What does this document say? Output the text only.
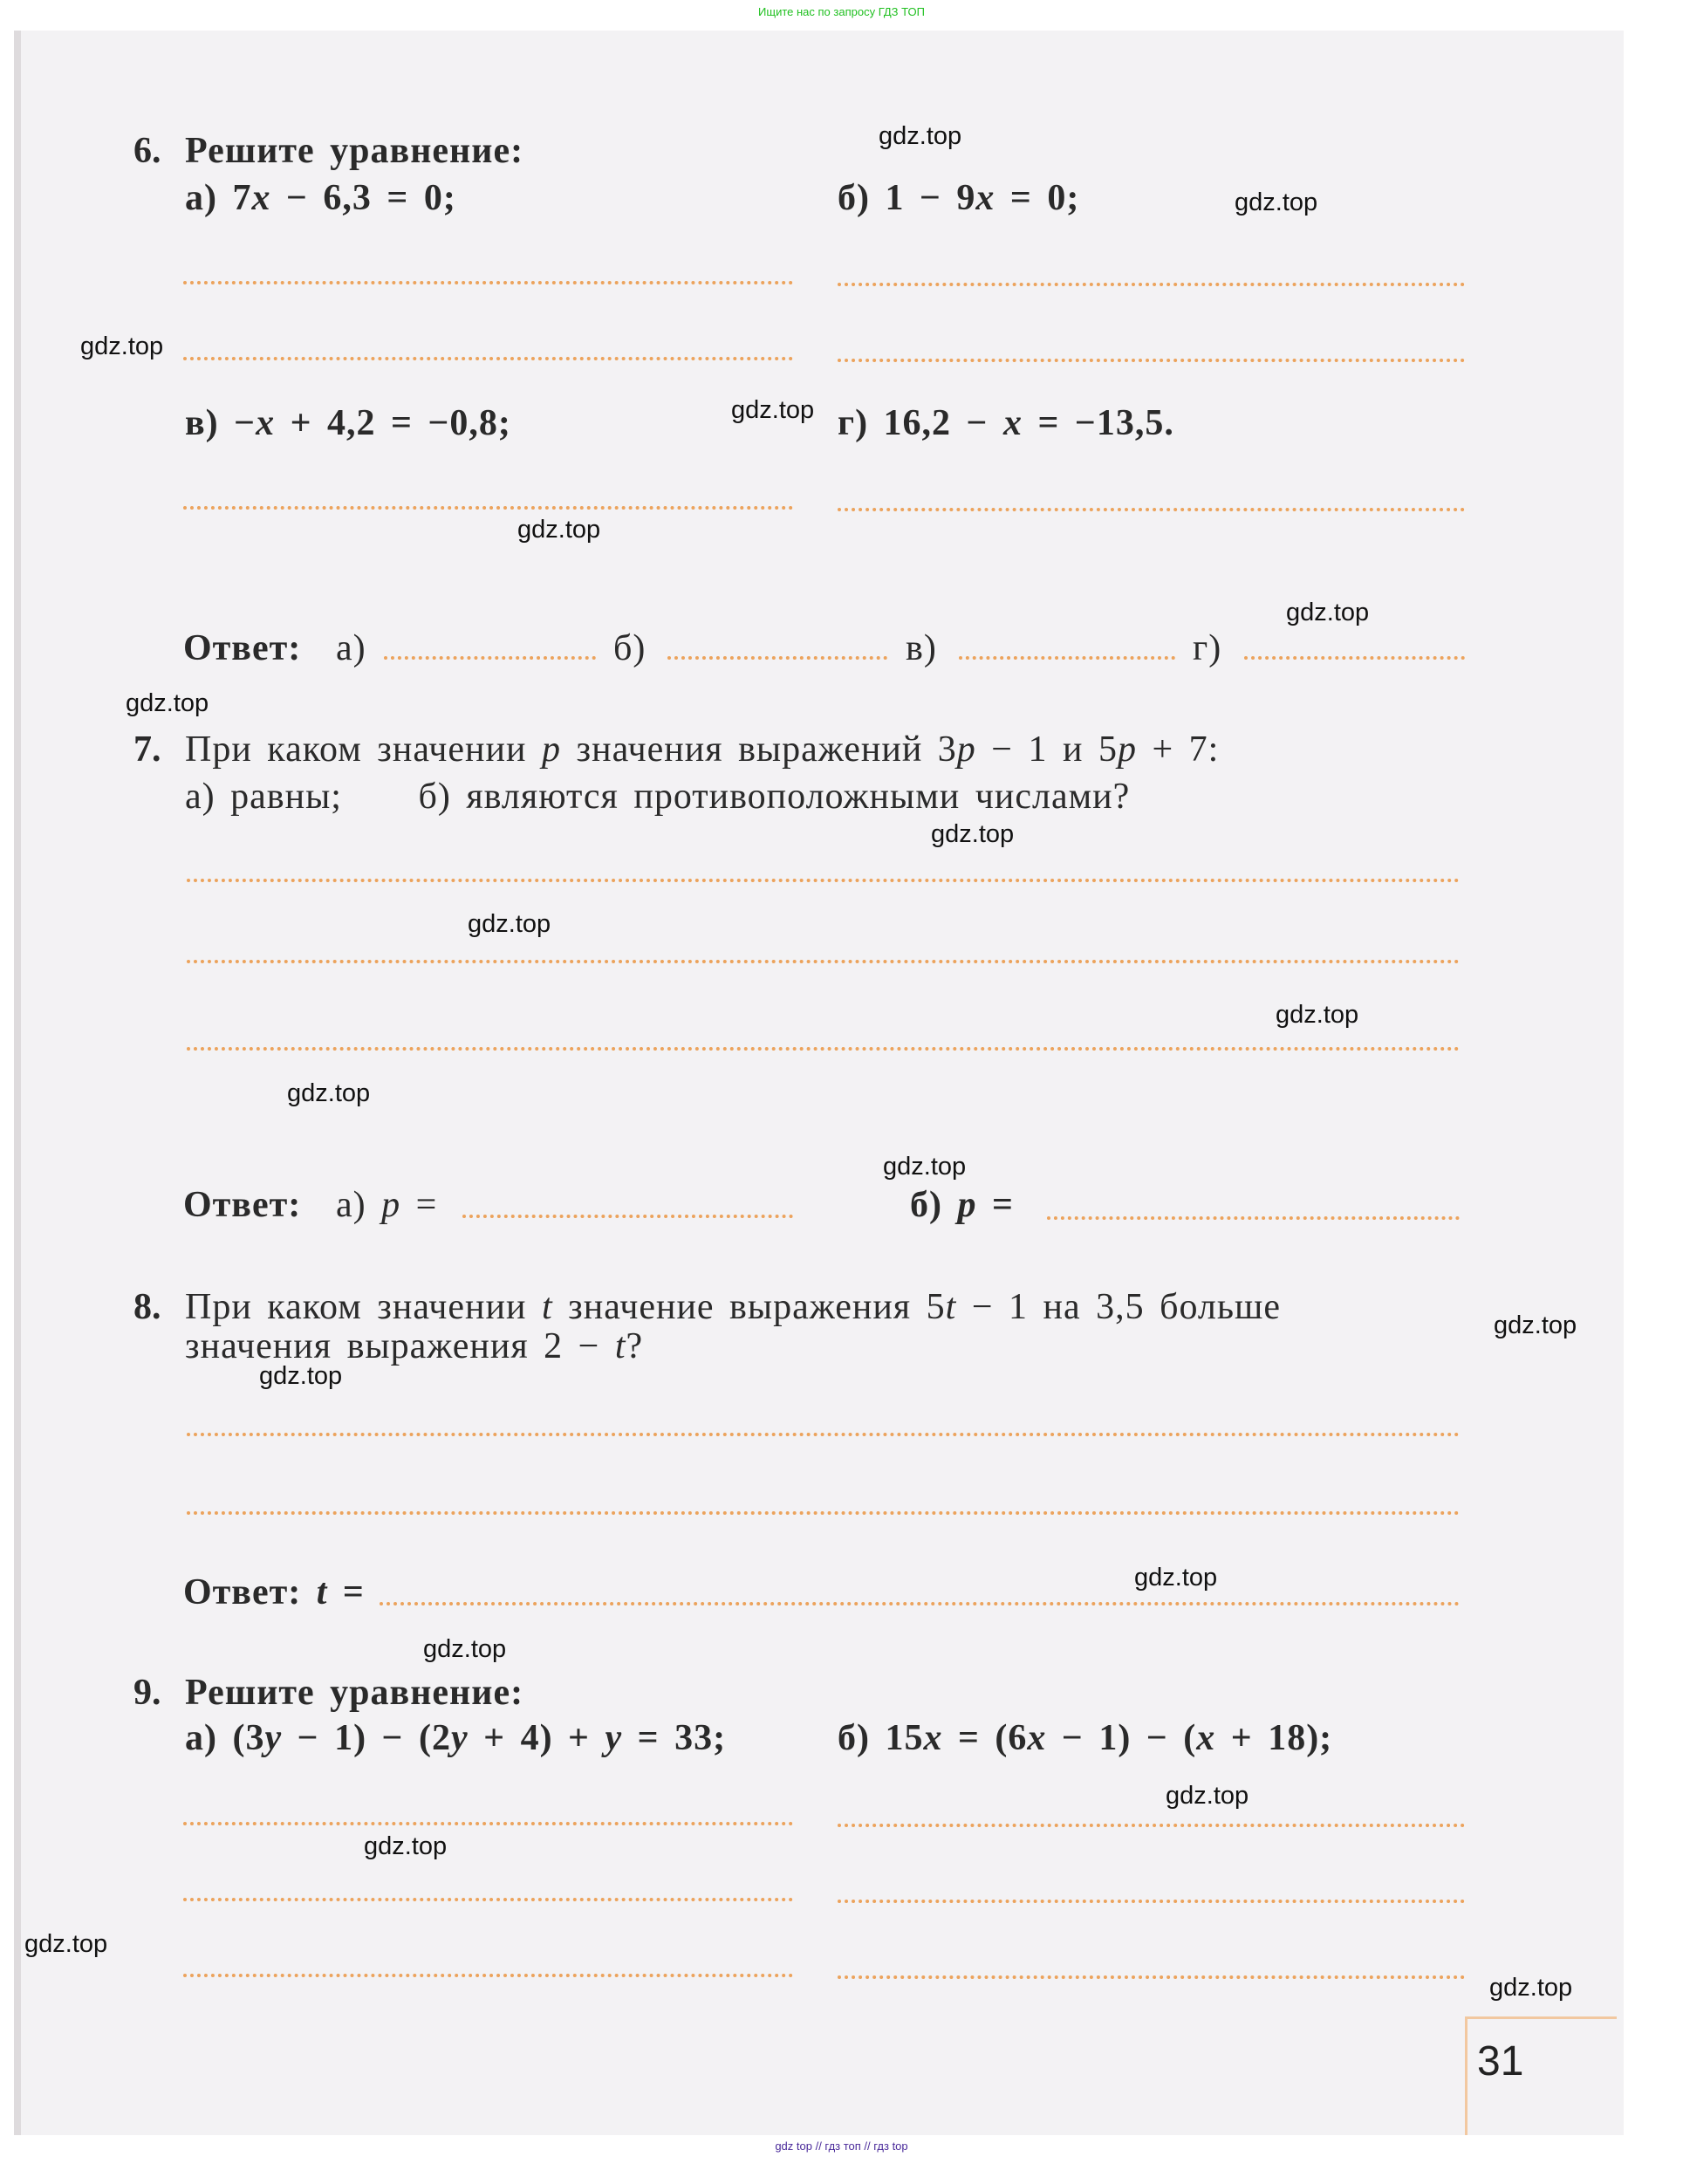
Ищите нас по запросу ГДЗ ТОП
6. Решите уравнение:
а) 7x − 6,3 = 0;	б) 1 − 9x = 0;
в) −x + 4,2 = −0,8;	г) 16,2 − x = −13,5.
Ответ: а)	б)	в)	г)
7. При каком значении p значения выражений 3p − 1 и 5p + 7:
а) равны;     б) являются противоположными числами?
Ответ: а) p =	б) p =
8. При каком значении t значение выражения 5t − 1 на 3,5 больше
значения выражения 2 − t?
Ответ: t =
9. Решите уравнение:
а) (3y − 1) − (2y + 4) + y = 33;	б) 15x = (6x − 1) − (x + 18);
31
gdz.top
gdz.top
gdz.top
gdz.top
gdz.top
gdz.top
gdz.top
gdz.top
gdz.top
gdz.top
gdz.top
gdz.top
gdz.top
gdz.top
gdz.top
gdz.top
gdz.top
gdz.top
gdz.top
gdz.top
gdz top // гдз топ // гдз top
